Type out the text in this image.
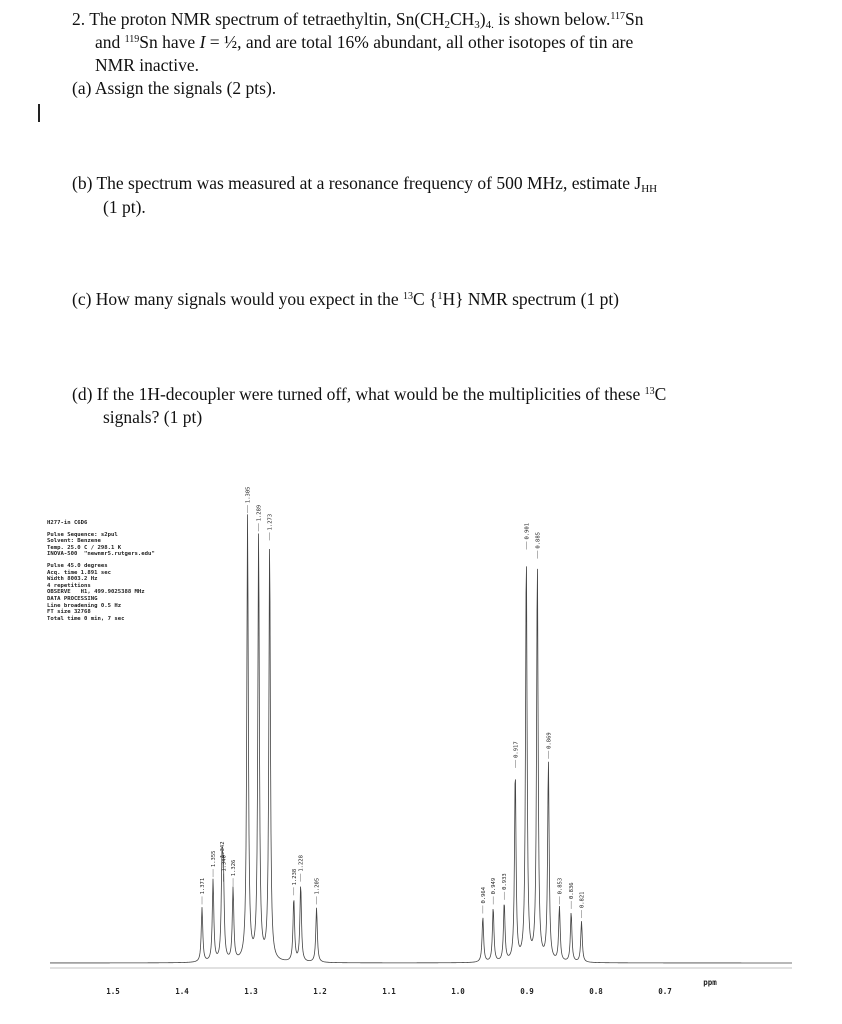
2. The proton NMR spectrum of tetraethyltin, $Sn(CH_2CH_3)_{4.}$ is shown below.$^{117}$Sn
and $^{119}$Sn have I = ½, and are total 16% abundant, all other isotopes of tin are
NMR inactive.
(a) Assign the signals (2 pts).
(b) The spectrum was measured at a resonance frequency of 500 MHz, estimate $J_{HH}$
(1 pt).
(c) How many signals would you expect in the $^{13}$C {$^1$H} NMR spectrum (1 pt)
(d) If the 1H-decoupler were turned off, what would be the multiplicities of these $^{13}$C
signals? (1 pt)
H277-in C6D6
Pulse Sequence: s2pul
Solvent: Benzene
Temp. 25.0 C / 298.1 K
INOVA-500  "newnmr5.rutgers.edu"
Pulse 45.0 degrees
Acq. time 1.891 sec
Width 8003.2 Hz
4 repetitions
OBSERVE   H1, 499.9025388 MHz
DATA PROCESSING
Line broadening 0.5 Hz
FT size 32768
Total time 0 min, 7 sec
1.355
1.342
1.340 1.326
1.371
1.305
1.289
1.273
1.238
1.228
1.205
0.964
0.949 0.933
0.917
0.901
0.885
0.869
0.853 0.836
0.821
1.5	1.4	1.3	1.2	1.1	1.0	0.9	0.8	0.7
ppm
